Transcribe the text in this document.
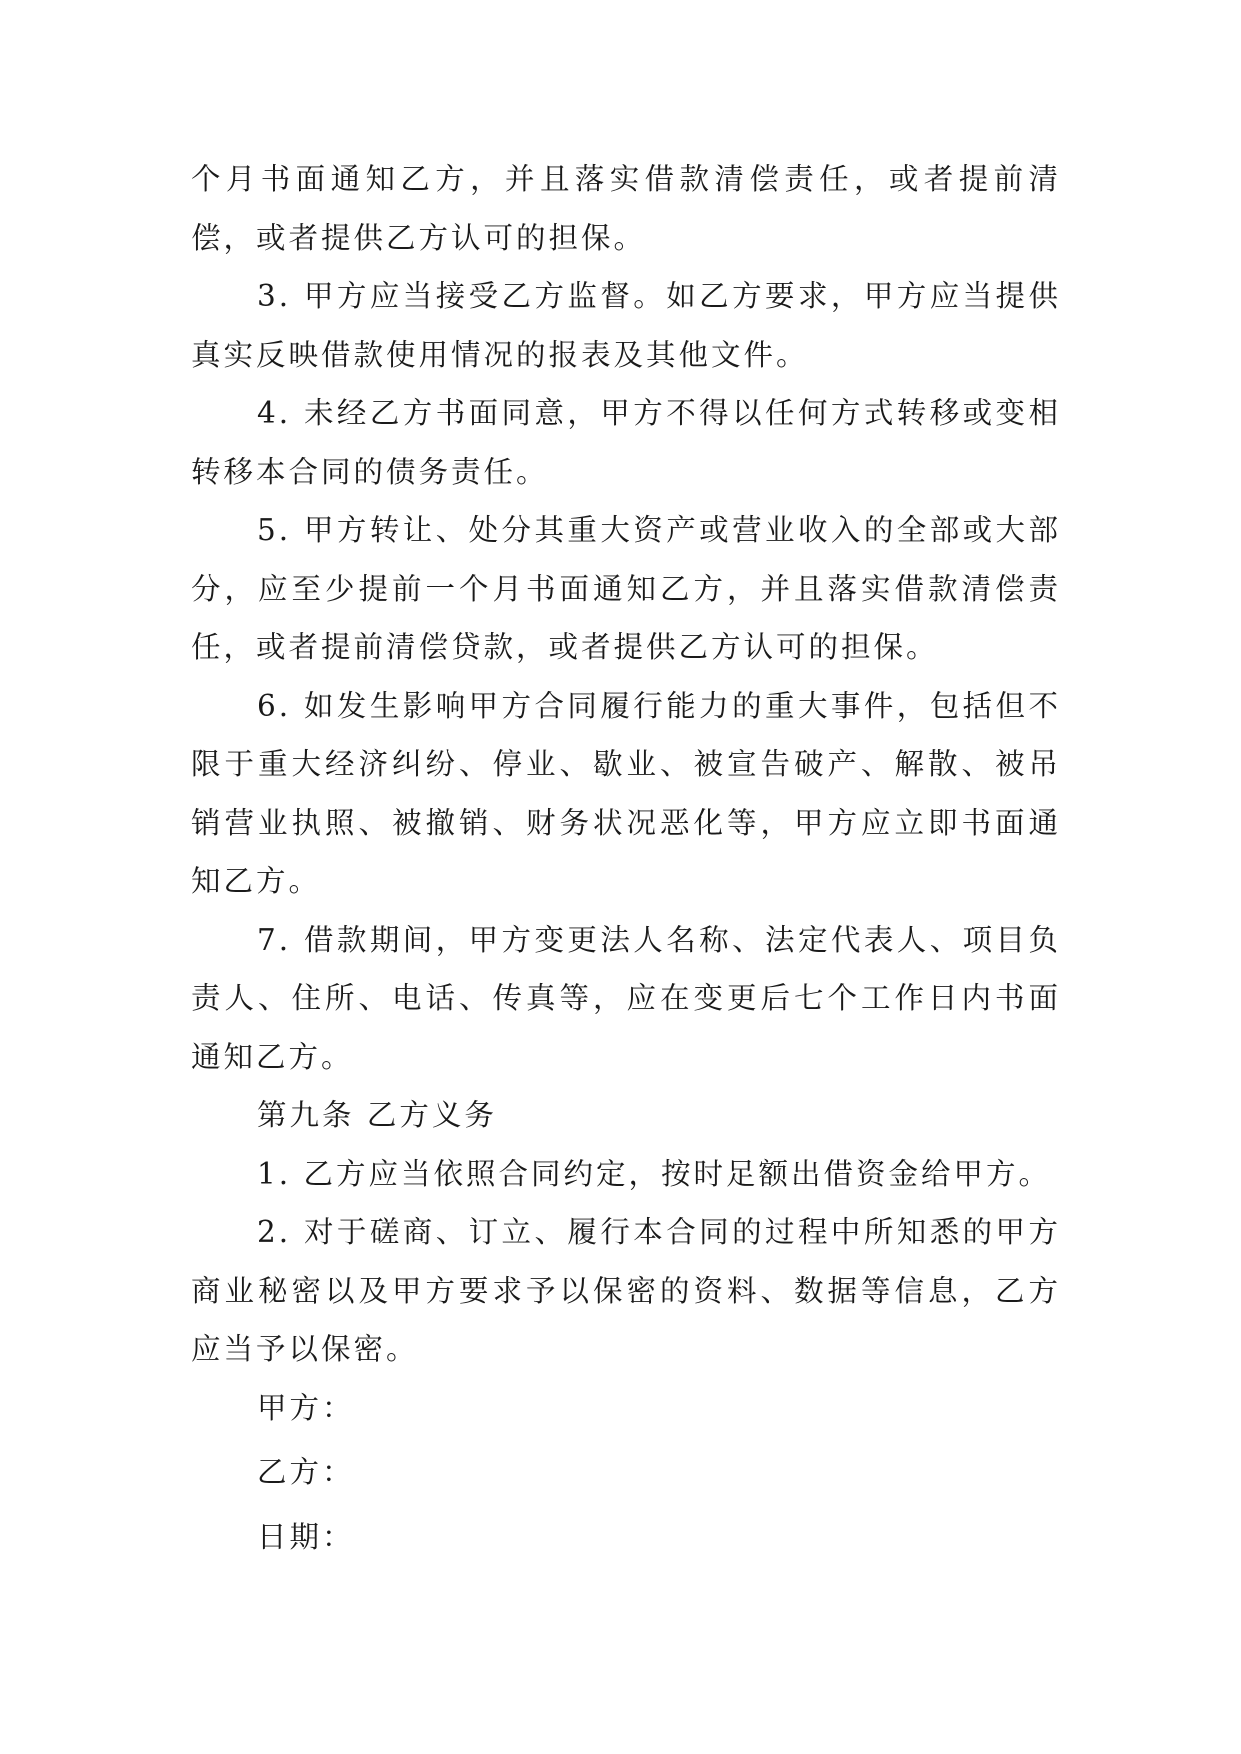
个月书面通知乙方，并且落实借款清偿责任，或者提前清偿，或者提供乙方认可的担保。

3. 甲方应当接受乙方监督。如乙方要求，甲方应当提供真实反映借款使用情况的报表及其他文件。

4. 未经乙方书面同意，甲方不得以任何方式转移或变相转移本合同的债务责任。

5. 甲方转让、处分其重大资产或营业收入的全部或大部分，应至少提前一个月书面通知乙方，并且落实借款清偿责任，或者提前清偿贷款，或者提供乙方认可的担保。

6. 如发生影响甲方合同履行能力的重大事件，包括但不限于重大经济纠纷、停业、歇业、被宣告破产、解散、被吊销营业执照、被撤销、财务状况恶化等，甲方应立即书面通知乙方。

7. 借款期间，甲方变更法人名称、法定代表人、项目负责人、住所、电话、传真等，应在变更后七个工作日内书面通知乙方。

第九条 乙方义务

1. 乙方应当依照合同约定，按时足额出借资金给甲方。

2. 对于磋商、订立、履行本合同的过程中所知悉的甲方商业秘密以及甲方要求予以保密的资料、数据等信息，乙方应当予以保密。

甲方：

乙方：

日期：
